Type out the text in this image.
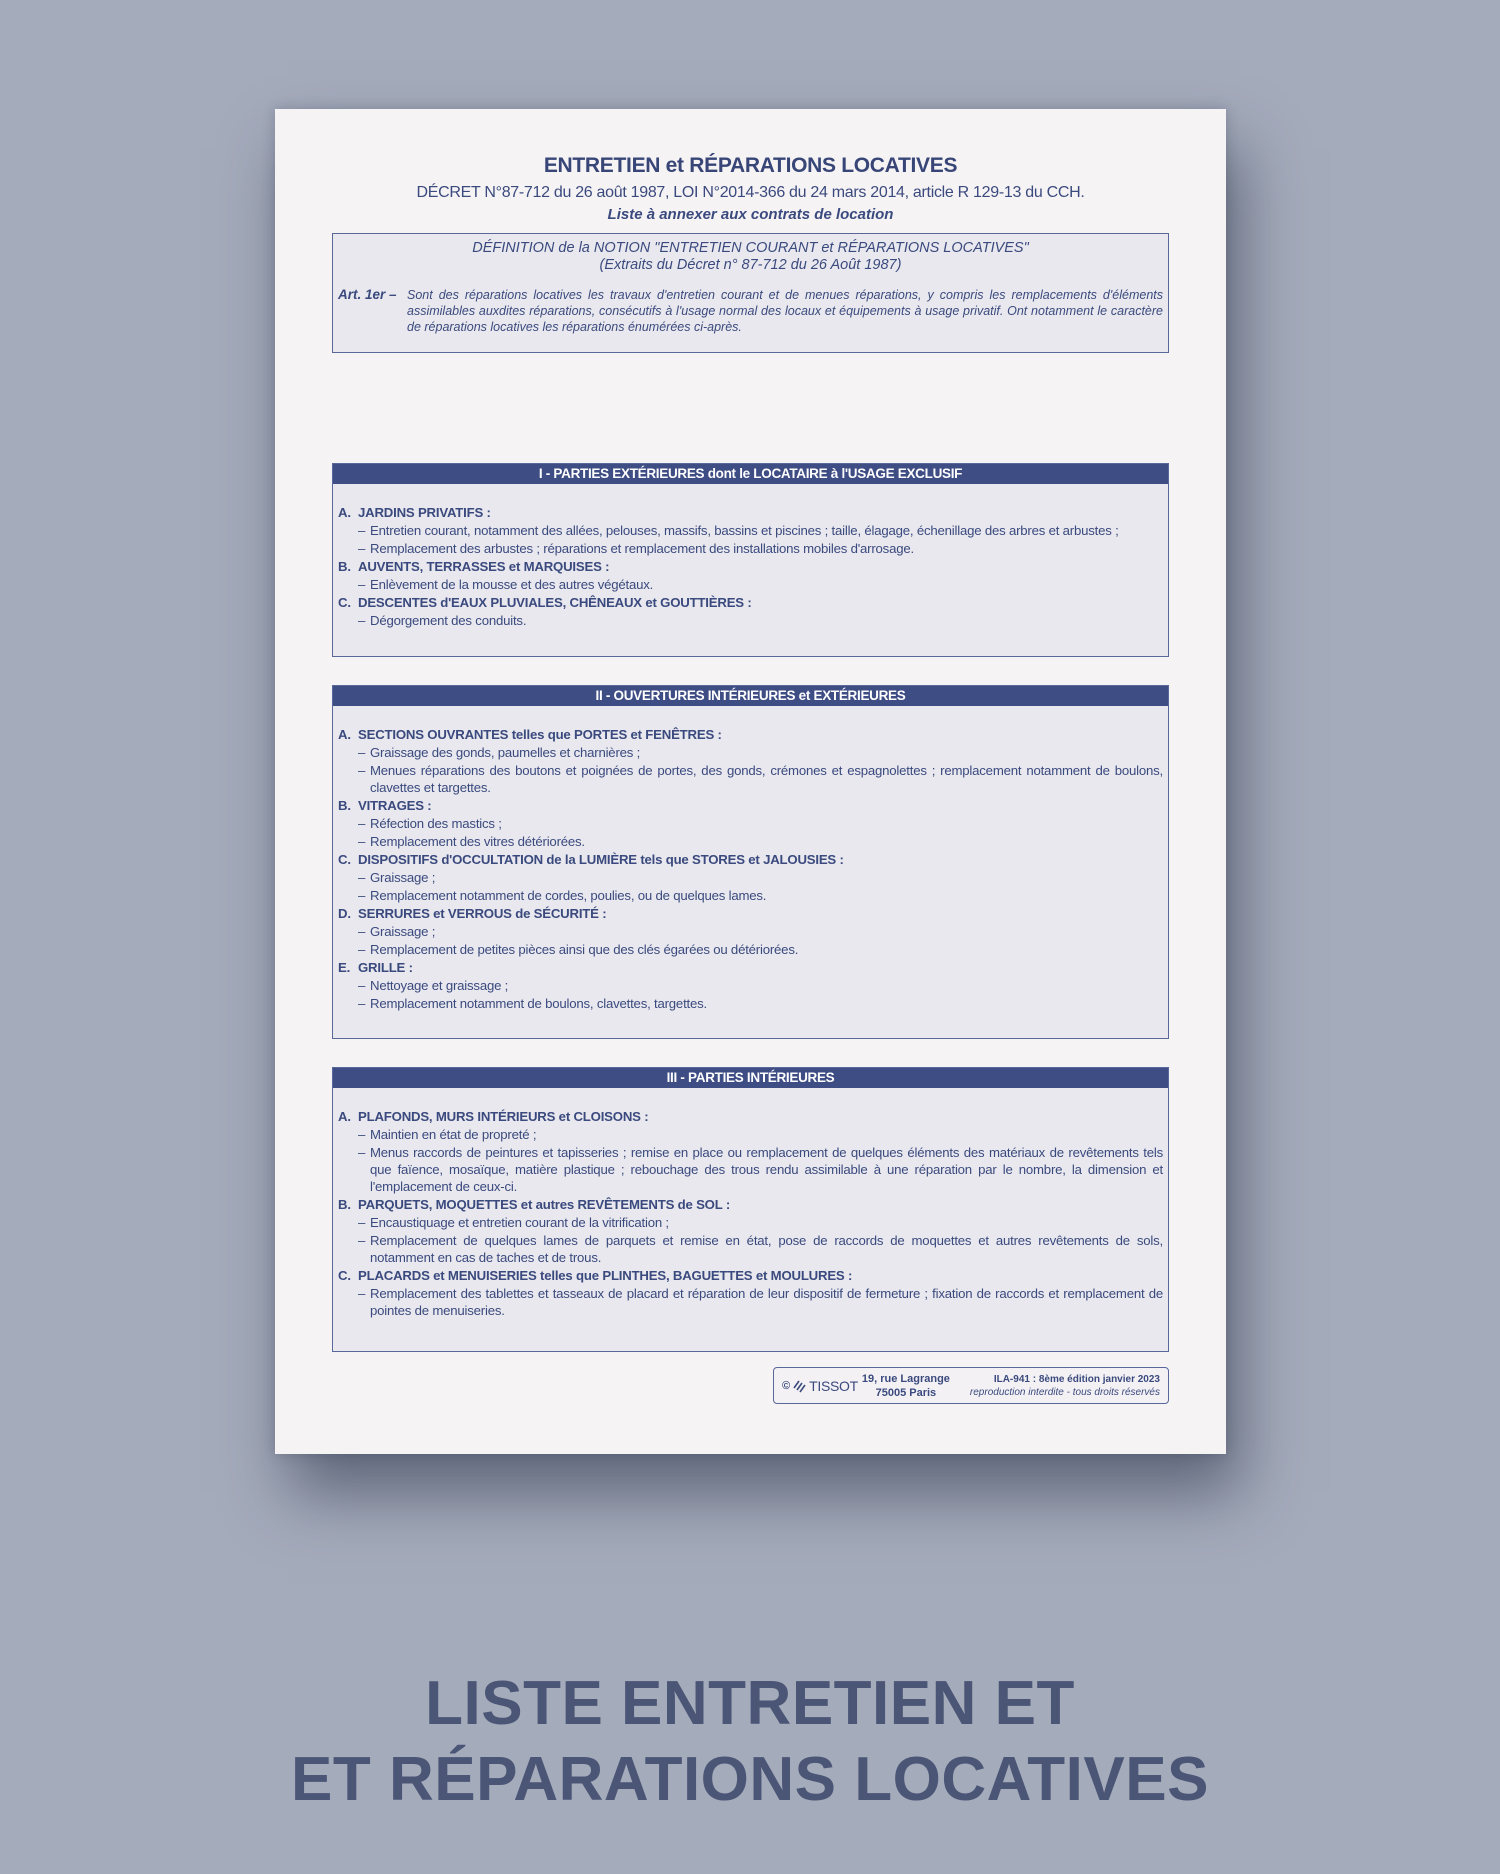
ENTRETIEN et RÉPARATIONS LOCATIVES
DÉCRET N°87-712 du 26 août 1987, LOI N°2014-366 du 24 mars 2014, article R 129-13 du CCH.
Liste à annexer aux contrats de location
DÉFINITION de la NOTION "ENTRETIEN COURANT et RÉPARATIONS LOCATIVES"
(Extraits du Décret n° 87-712 du 26 Août 1987)
Art. 1er – Sont des réparations locatives les travaux d'entretien courant et de menues réparations, y compris les remplacements d'éléments assimilables auxdites réparations, consécutifs à l'usage normal des locaux et équipements à usage privatif. Ont notamment le caractère de réparations locatives les réparations énumérées ci-après.
I - PARTIES EXTÉRIEURES dont le LOCATAIRE à l'USAGE EXCLUSIF
A. JARDINS PRIVATIFS :
– Entretien courant, notamment des allées, pelouses, massifs, bassins et piscines ; taille, élagage, échenillage des arbres et arbustes ;
– Remplacement des arbustes ; réparations et remplacement des installations mobiles d'arrosage.
B. AUVENTS, TERRASSES et MARQUISES :
– Enlèvement de la mousse et des autres végétaux.
C. DESCENTES d'EAUX PLUVIALES, CHÊNEAUX et GOUTTIÈRES :
– Dégorgement des conduits.
II - OUVERTURES INTÉRIEURES et EXTÉRIEURES
A. SECTIONS OUVRANTES telles que PORTES et FENÊTRES :
– Graissage des gonds, paumelles et charnières ;
– Menues réparations des boutons et poignées de portes, des gonds, crémones et espagnolettes ; remplacement notamment de boulons, clavettes et targettes.
B. VITRAGES :
– Réfection des mastics ;
– Remplacement des vitres détériorées.
C. DISPOSITIFS d'OCCULTATION de la LUMIÈRE tels que STORES et JALOUSIES :
– Graissage ;
– Remplacement notamment de cordes, poulies, ou de quelques lames.
D. SERRURES et VERROUS de SÉCURITÉ :
– Graissage ;
– Remplacement de petites pièces ainsi que des clés égarées ou détériorées.
E. GRILLE :
– Nettoyage et graissage ;
– Remplacement notamment de boulons, clavettes, targettes.
III - PARTIES INTÉRIEURES
A. PLAFONDS, MURS INTÉRIEURS et CLOISONS :
– Maintien en état de propreté ;
– Menus raccords de peintures et tapisseries ; remise en place ou remplacement de quelques éléments des matériaux de revêtements tels que faïence, mosaïque, matière plastique ; rebouchage des trous rendu assimilable à une réparation par le nombre, la dimension et l'emplacement de ceux-ci.
B. PARQUETS, MOQUETTES et autres REVÊTEMENTS de SOL :
– Encaustiquage et entretien courant de la vitrification ;
– Remplacement de quelques lames de parquets et remise en état, pose de raccords de moquettes et autres revêtements de sols, notamment en cas de taches et de trous.
C. PLACARDS et MENUISERIES telles que PLINTHES, BAGUETTES et MOULURES :
– Remplacement des tablettes et tasseaux de placard et réparation de leur dispositif de fermeture ; fixation de raccords et remplacement de pointes de menuiseries.
© TISSOT 19, rue Lagrange
75005 Paris
ILA-941 : 8ème édition janvier 2023
reproduction interdite - tous droits réservés
LISTE ENTRETIEN ET
ET RÉPARATIONS LOCATIVES
